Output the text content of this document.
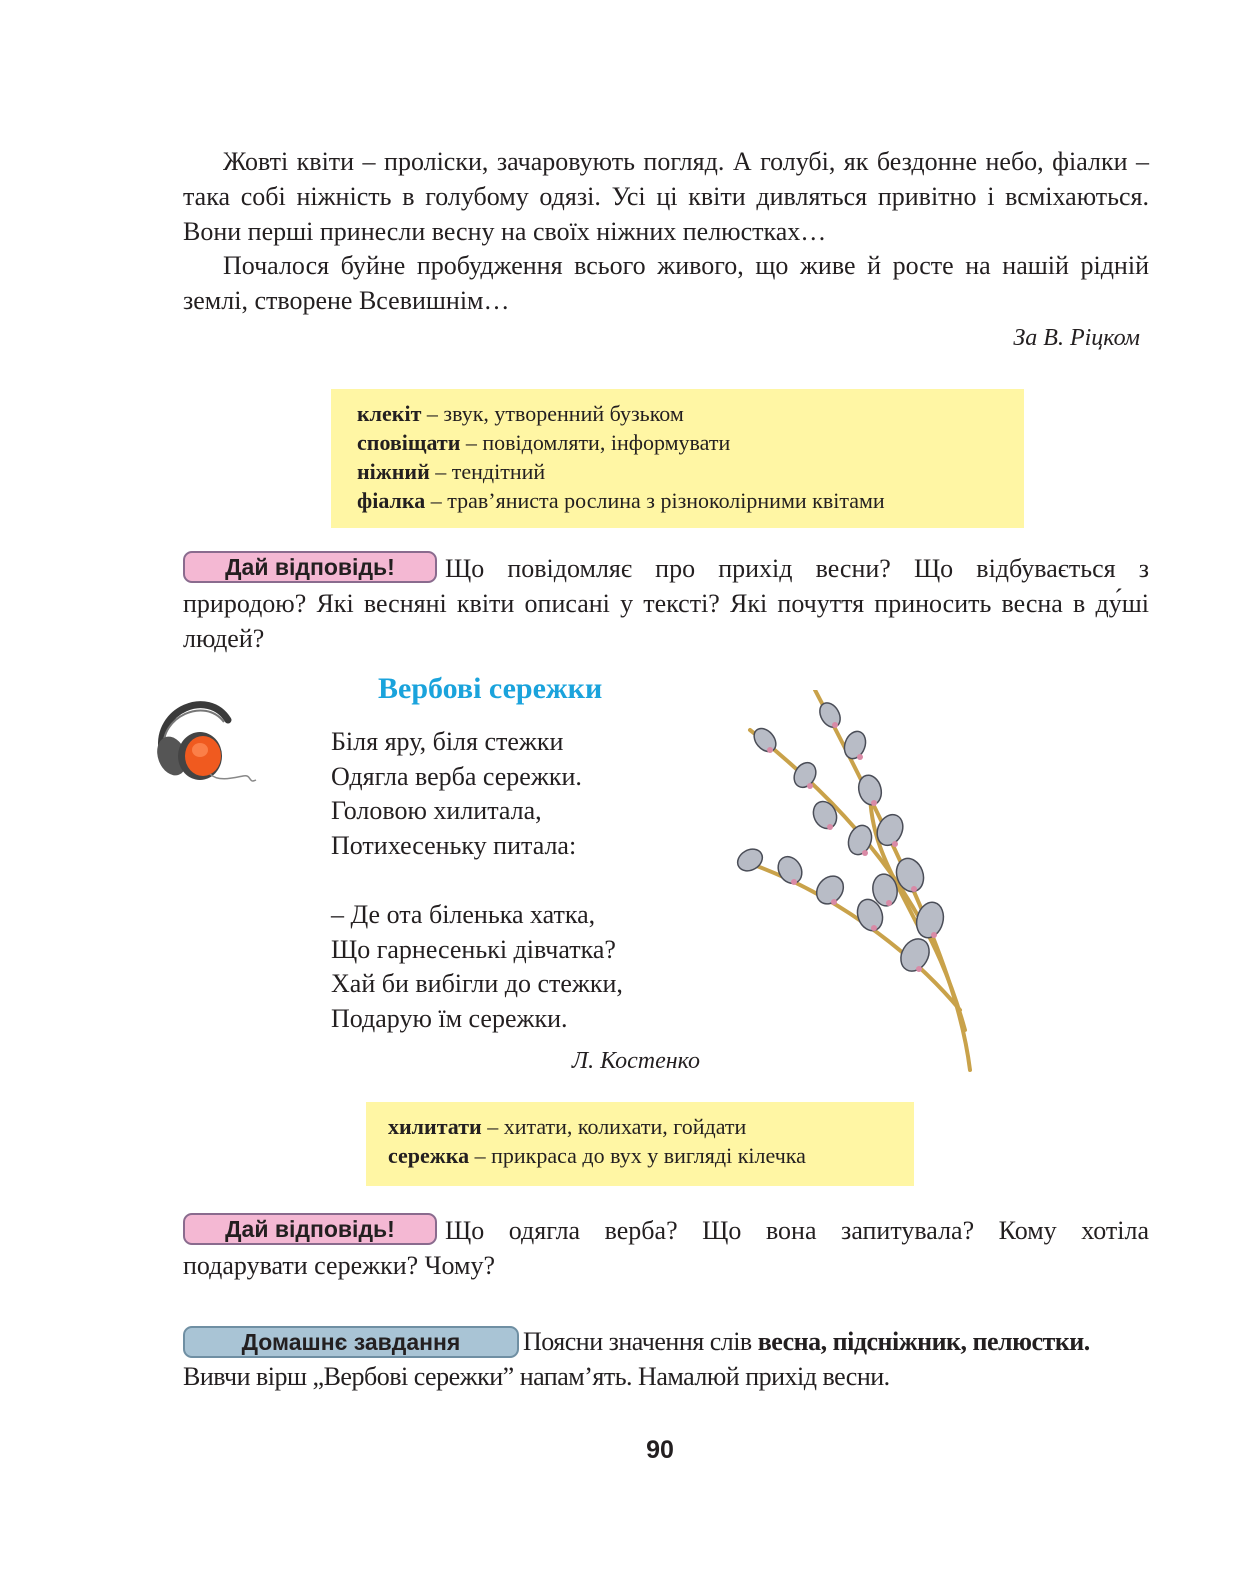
Жовті квіти – проліски, зачаровують погляд. А голубі, як бездонне небо, фіалки – така собі ніжність в голубому одязі. Усі ці квіти дивляться привітно і всміхаються. Вони перші принесли весну на своїх ніжних пелюстках…

Почалося буйне пробудження всього живого, що живе й росте на нашій рідній землі, створене Всевишнім…

За В. Ріцком
клекіт – звук, утворенний бузьком
сповіщати – повідомляти, інформувати
ніжний – тендітний
фіалка – трав’яниста рослина з різноколірними квітами
Дай відповідь!	Що повідомляє про прихід весни? Що відбувається з природою? Які весняні квіти описані у тексті? Які почуття приносить весна в ду́ші людей?

Вербові сережки
Біля яру, біля стежки
Одягла верба сережки.
Головою хилитала,
Потихесеньку питала:
– Де ота біленька хатка,
Що гарнесенькі дівчатка?
Хай би вибігли до стежки,
Подарую їм сережки.
Л. Костенко
хилитати – хитати, колихати, гойдати
сережка – прикраса до вух у вигляді кілечка
Дай відповідь!	Що одягла верба? Що вона запитувала? Кому хотіла подарувати сережки? Чому?

Домашнє завдання	Поясни значення слів весна, підсніжник, пелюстки.
Вивчи вірш „Вербові сережки” напам’ять. Намалюй прихід весни.

90
